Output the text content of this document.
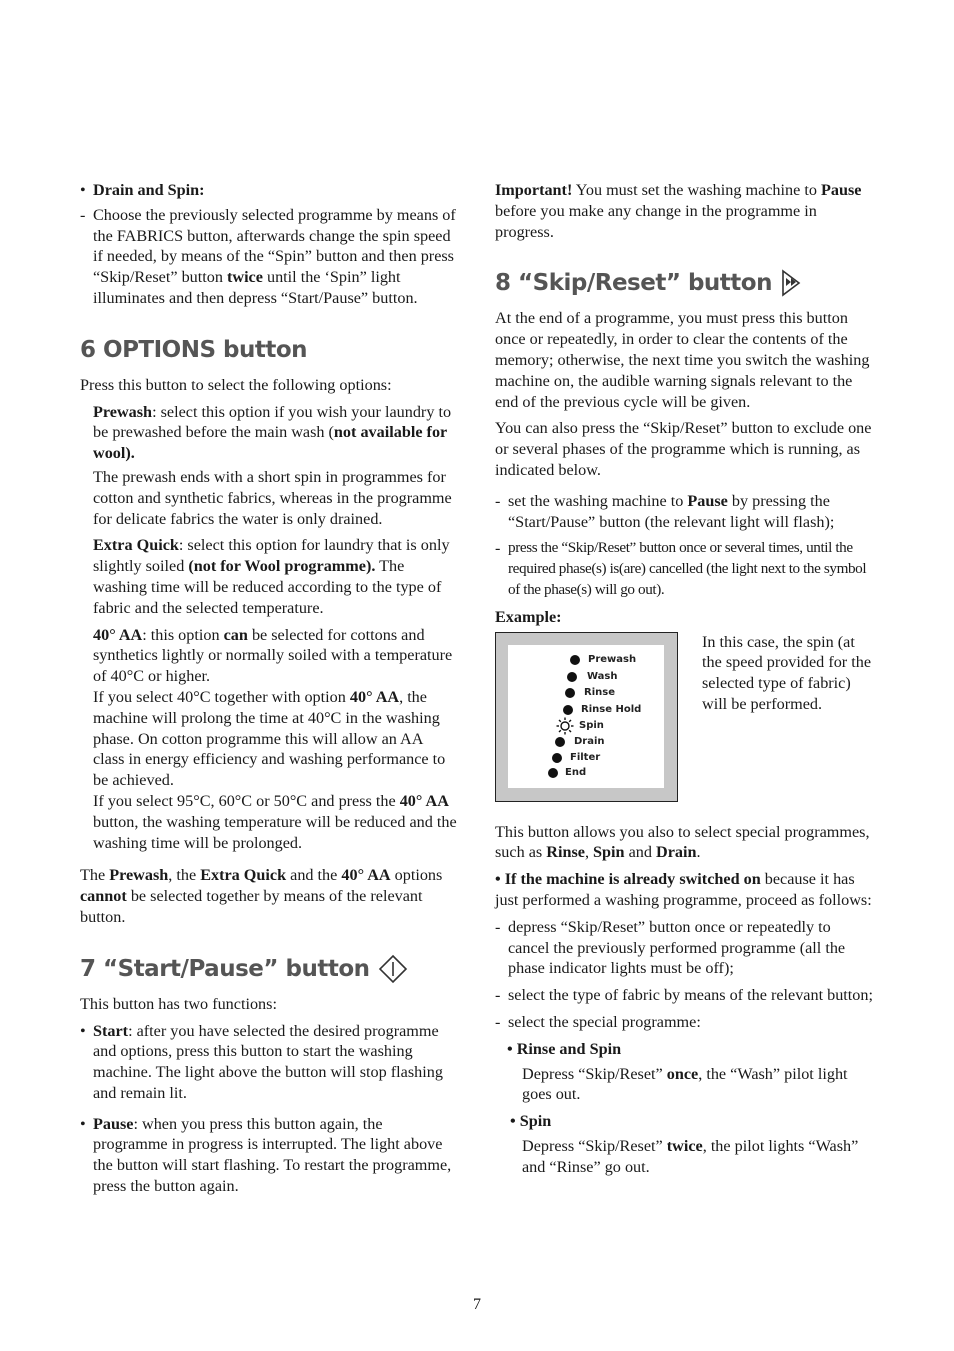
• Drain and Spin:
- Choose the previously selected programme by means of the FABRICS button, afterwards change the spin speed if needed, by means of the “Spin” button and then press “Skip/Reset” button twice until the ‘Spin” light illuminates and then depress “Start/Pause” button.
6 OPTIONS button

Press this button to select the following options:

Prewash: select this option if you wish your laundry to be prewashed before the main wash (not available for wool).

The prewash ends with a short spin in programmes for cotton and synthetic fabrics, whereas in the programme for delicate fabrics the water is only drained.

Extra Quick: select this option for laundry that is only slightly soiled (not for Wool programme). The washing time will be reduced according to the type of fabric and the selected temperature.

40° AA: this option can be selected for cottons and synthetics lightly or normally soiled with a temperature of 40°C or higher.

If you select 40°C together with option 40° AA, the machine will prolong the time at 40°C in the washing phase. On cotton programme this will allow an AA class in energy efficiency and washing performance to be achieved.

If you select 95°C, 60°C or 50°C and press the 40° AA button, the washing temperature will be reduced and the washing time will be prolonged.

The Prewash, the Extra Quick and the 40° AA options cannot be selected together by means of the relevant button.

7 “Start/Pause” button

This button has two functions:

• Start: after you have selected the desired programme and options, press this button to start the washing machine. The light above the button will stop flashing and remain lit.
• Pause: when you press this button again, the programme in progress is interrupted. The light above the button will start flashing. To restart the programme, press the button again.

Important! You must set the washing machine to Pause before you make any change in the programme in progress.

8 “Skip/Reset” button

At the end of a programme, you must press this button once or repeatedly, in order to clear the contents of the memory; otherwise, the next time you switch the washing machine on, the audible warning signals relevant to the end of the previous cycle will be given.

You can also press the “Skip/Reset” button to exclude one or several phases of the programme which is running, as indicated below.

- set the washing machine to Pause by pressing the “Start/Pause” button (the relevant light will flash);
- press the “Skip/Reset” button once or several times, until the required phase(s) is(are) cancelled (the light next to the symbol of the phase(s) will go out).

Example:

Prewash
Wash
Rinse
Rinse Hold
Spin
Drain
Filter
End

In this case, the spin (at the speed provided for the selected type of fabric) will be performed.

This button allows you also to select special programmes, such as Rinse, Spin and Drain.

• If the machine is already switched on because it has just performed a washing programme, proceed as follows:

- depress “Skip/Reset” button once or repeatedly to cancel the previously performed programme (all the phase indicator lights must be off);
- select the type of fabric by means of the relevant button;
- select the special programme:

• Rinse and Spin

Depress “Skip/Reset” once, the “Wash” pilot light goes out.

• Spin

Depress “Skip/Reset” twice, the pilot lights “Wash” and “Rinse” go out.

7
